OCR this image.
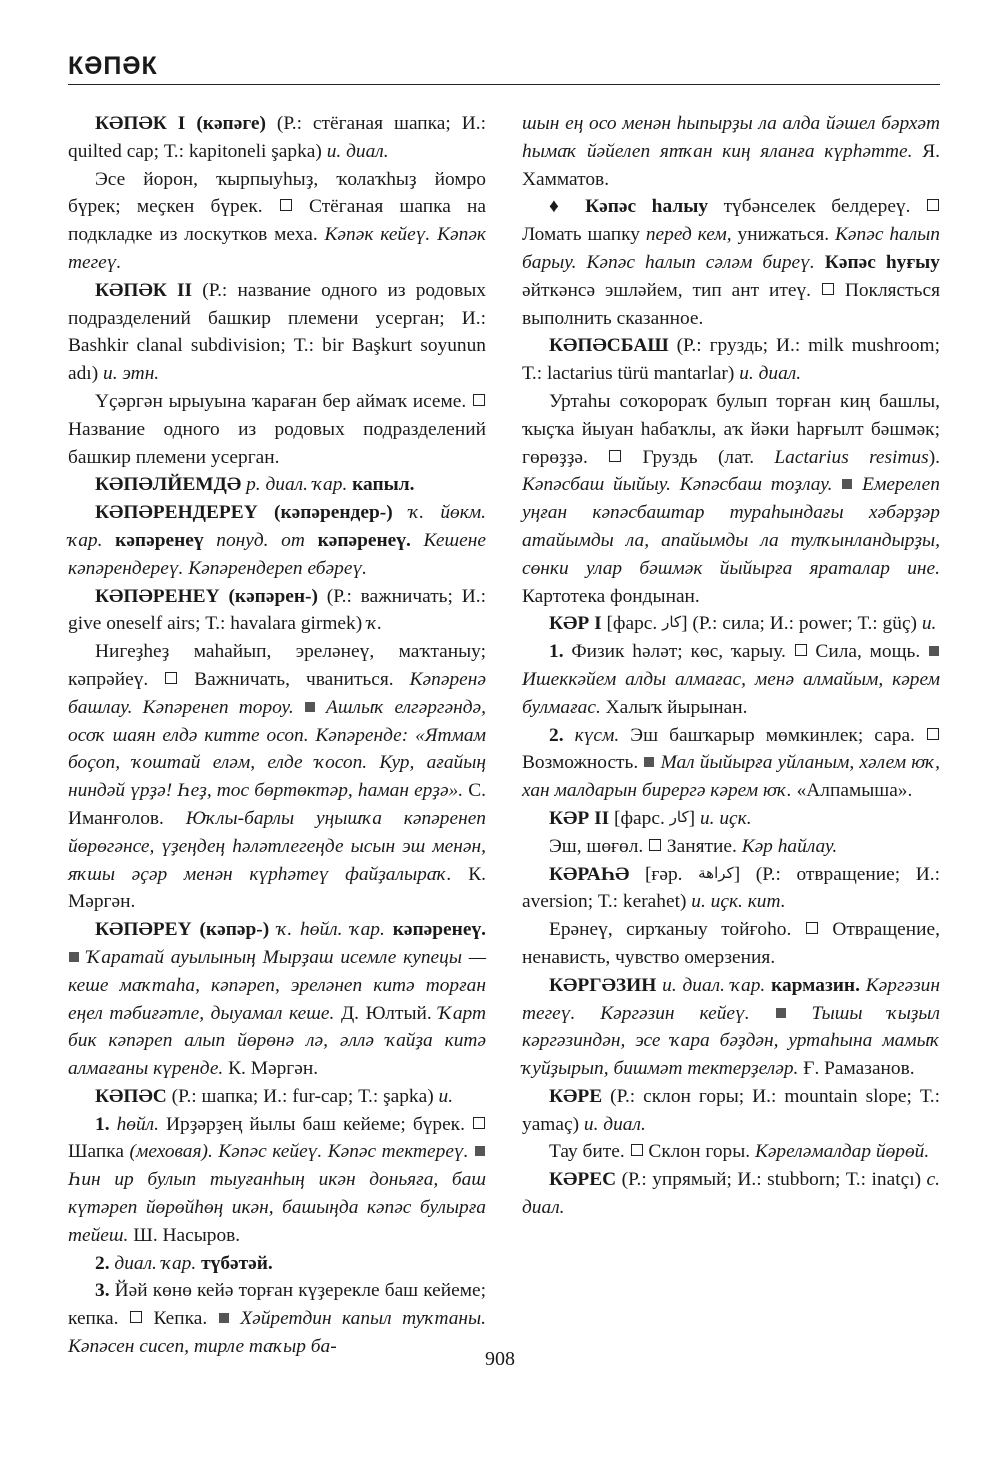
КӘПӘК

КӘПӘК I (кәпәге) (Р.: стёганая шапка; И.: quilted cap; Т.: kapitoneli şapka) и. диал.

Эсе йорон, ҡырпыуһыҙ, ҡолаҡһыҙ йомро бүрек; меҫкен бүрек.  Стёганая шапка на подкладке из лоскутков меха. Кәпәк кейеү. Кәпәк тегеү.

КӘПӘК II (Р.: название одного из родовых подразделений башкир племени усерган; И.: Bashkir clanal subdivision; Т.: bir Başkurt soyunun adı) и. этн.

Үҫәргән ырыуына ҡараған бер аймаҡ исеме.  Название одного из родовых подразделений башкир племени усерган.

КӘПӘЛЙЕМДӘ р. диал. ҡар. капыл.

КӘПӘРЕНДЕРЕҮ (кәпәрендер-) ҡ. йөкм. ҡар. кәпәренеү понуд. от кәпәренеү. Кешене кәпәрендереү. Кәпәрендереп ебәреү.

КӘПӘРЕНЕҮ (кәпәрен-) (Р.: важничать; И.: give oneself airs; Т.: havalara girmek) ҡ.

Нигеҙһеҙ маһайып, эреләнеү, маҡтаныу; кәпрәйеү.  Важничать, чваниться. Кәпәренә башлау. Кәпәренеп тороу. Ашлыҡ елгәргәндә, осоҡ шаян елдә китте осоп. Кәпәренде: «Ятмам боҫоп, ҡоштай еләм, елде ҡосоп. Кур, ағайың ниндәй үрҙә! Һеҙ, тос бөртөктәр, һаман ерҙә». С. Иманғолов. Юҡлы-барлы уңышҡа кәпәренеп йөрөгәнсе, үҙеңдең һәләтлегеңде ысын эш менән, яҡшы әҫәр менән күрһәтеү файҙалыраҡ. К. Мәргән.

КӘПӘРЕҮ (кәпәр-) ҡ. һөйл. ҡар. кәпәренеү.  Ҡаратай ауылының Мырҙаш исемле купецы — кеше маҡтаһа, кәпәреп, эреләнеп китә торған еңел тәбиғәтле, дыуамал кеше. Д. Юлтый. Ҡарт бик кәпәреп алып йөрөнә лә, әллә ҡайҙа китә алмағаны күренде. К. Мәргән.

КӘПӘС (Р.: шапка; И.: fur-cap; Т.: şapka) и.

1. һөйл. Ирҙәрҙең йылы баш кейеме; бүрек.  Шапка (меховая). Кәпәс кейеү. Кәпәс тектереү.  Һин ир булып тыуғанһың икән доньяға, баш күтәреп йөрөйһөң икән, башыңда кәпәс булырға тейеш. Ш. Насыров.

2. диал. ҡар. түбәтәй.

3. Йәй көнө кейә торған күҙерекле баш кейеме; кепка.  Кепка.  Хәйретдин капыл туҡтаны. Кәпәсен сисеп, тирле таҡыр ба-

шын ең осо менән һыпырҙы ла алда йәшел бәрхәт һымаҡ йәйелеп ятҡан киң яланға күрһәтте. Я. Хамматов.

♦ Кәпәс һалыу түбәнселек белдереү.  Ломать шапку перед кем, унижаться. Кәпәс һалып барыу. Кәпәс һалып сәләм биреү. Кәпәс һуғыу әйткәнсә эшләйем, тип ант итеү.  Поклясться выполнить сказанное.

КӘПӘСБАШ (Р.: груздь; И.: milk mushroom; Т.: lactarius türü mantarlar) и. диал.

Уртаһы соҡорораҡ булып торған киң башлы, ҡыҫҡа йыуан һабаҡлы, аҡ йәки һарғылт бәшмәк; гөрөҙҙә.  Груздь (лат. Lactarius resimus). Кәпәсбаш йыйыу. Кәпәсбаш тоҙлау. Емерелеп уңған кәпәсбаштар тураһындағы хәбәрҙәр атайымды ла, апайымды ла тулҡынландырҙы, сөнки улар бәшмәк йыйырға яраталар ине. Картотека фондынан.

КӘР I [фарс. كار] (Р.: сила; И.: power; Т.: güç) и.

1. Физик һәләт; көс, ҡарыу.  Сила, мощь.  Ишеккәйем алды алмағас, менә алмайым, кәрем булмағас. Халыҡ йырынан.

2. күсм. Эш башҡарыр мөмкинлек; сара.  Возможность.  Мал йыйырға уйланым, хәлем юҡ, хан малдарын бирергә кәрем юҡ. «Алпамыша».

КӘР II [фарс. كار] и. иҫк.

Эш, шөғөл.  Занятие. Кәр һайлау.

КӘРАҺӘ [ғәр. كراهة] (Р.: отвращение; И.: aversion; Т.: kerahet) и. иҫк. кит.

Ерәнеү, сирҡаныу тойғоһо.  Отвращение, ненависть, чувство омерзения.

КӘРГӘЗИН и. диал. ҡар. кармазин. Кәргәзин тегеү. Кәргәзин кейеү.	Тышы ҡыҙыл кәргәзиндән, эсе ҡара бәҙдән, уртаһына мамыҡ ҡуйҙырып, бишмәт тектерҙеләр. Ғ. Рамазанов.

КӘРЕ (Р.: склон горы; И.: mountain slope; Т.: yamaç) и. диал.

Тау бите.  Склон горы. Кәреләмалдар йөрөй.

КӘРЕС (Р.: упрямый; И.: stubborn; Т.: inatçı) с. диал.

908
